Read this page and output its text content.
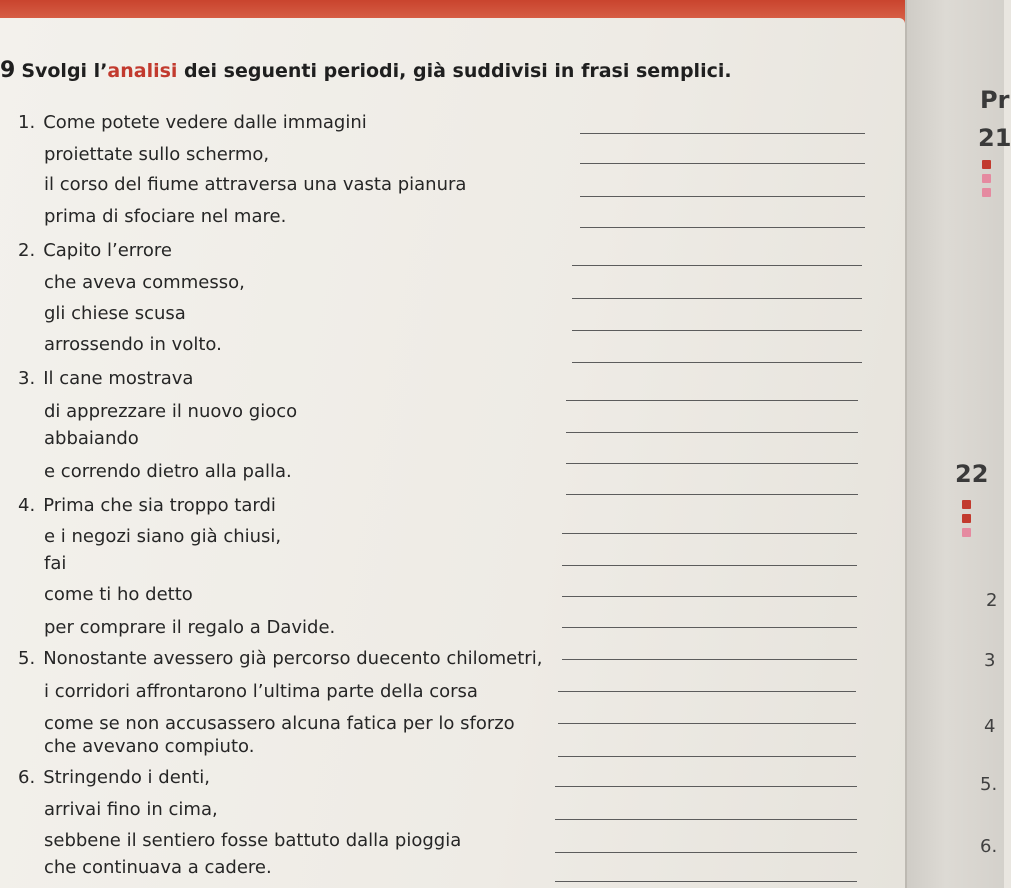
9 Svolgi l’analisi dei seguenti periodi, già suddivisi in frasi semplici.
1. Come potete vedere dalle immagini
proiettate sullo schermo,
il corso del fiume attraversa una vasta pianura
prima di sfociare nel mare.
2. Capito l’errore
che aveva commesso,
gli chiese scusa
arrossendo in volto.
3. Il cane mostrava
di apprezzare il nuovo gioco
abbaiando
e correndo dietro alla palla.
4. Prima che sia troppo tardi
e i negozi siano già chiusi,
fai
come ti ho detto
per comprare il regalo a Davide.
5. Nonostante avessero già percorso duecento chilometri,
i corridori affrontarono l’ultima parte della corsa
come se non accusassero alcuna fatica per lo sforzo
che avevano compiuto.
6. Stringendo i denti,
arrivai fino in cima,
sebbene il sentiero fosse battuto dalla pioggia
che continuava a cadere.
Pr
21
22
2
3
4
5.
6.
